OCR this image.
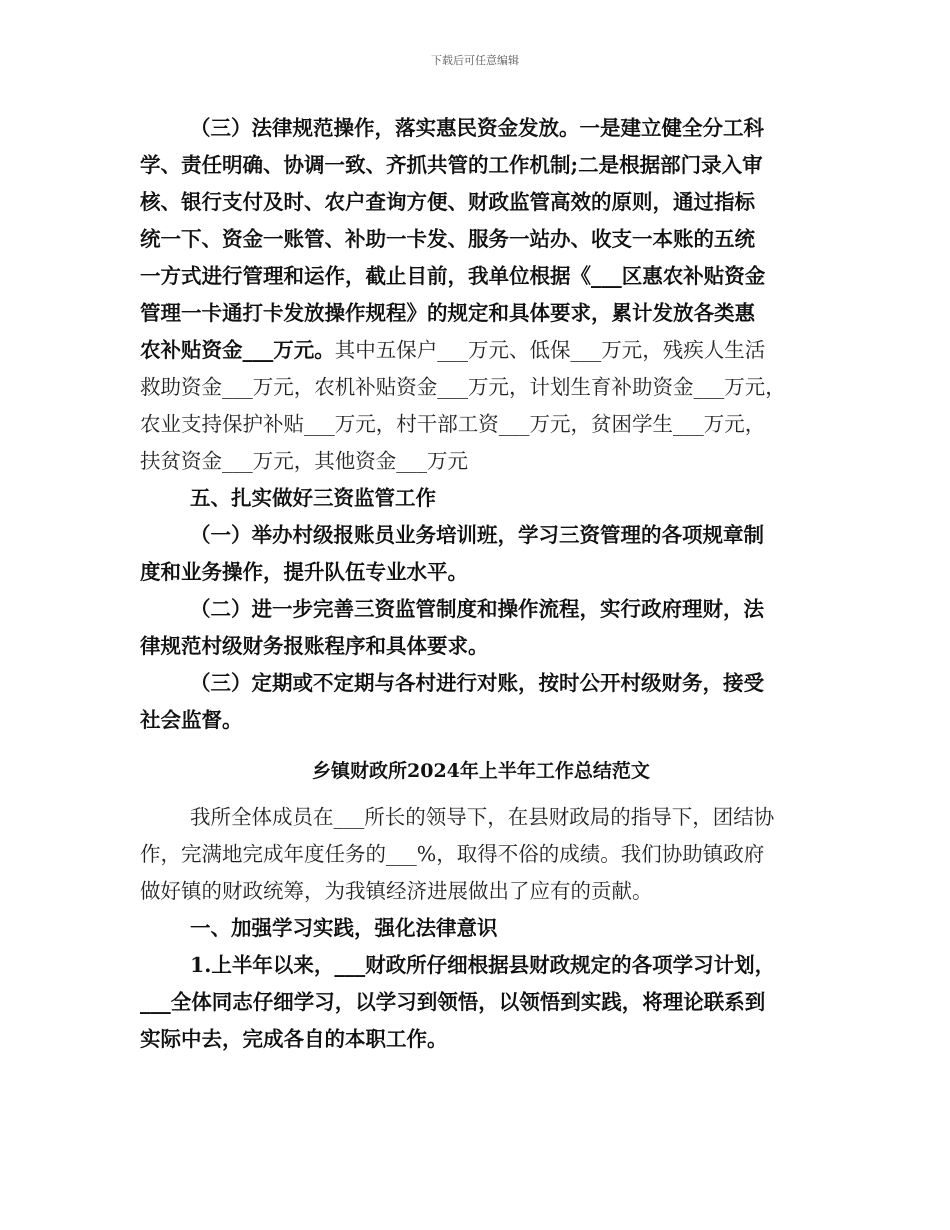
下载后可任意编辑
（三）法律规范操作，落实惠民资金发放。一是建立健全分工科
学、责任明确、协调一致、齐抓共管的工作机制;二是根据部门录入审
核、银行支付及时、农户查询方便、财政监管高效的原则，通过指标
统一下、资金一账管、补助一卡发、服务一站办、收支一本账的五统
一方式进行管理和运作，截止目前，我单位根据《___区惠农补贴资金
管理一卡通打卡发放操作规程》的规定和具体要求，累计发放各类惠
农补贴资金___万元。其中五保户___万元、低保___万元，残疾人生活
救助资金___万元，农机补贴资金___万元，计划生育补助资金___万元，
农业支持保护补贴___万元，村干部工资___万元，贫困学生___万元，
扶贫资金___万元，其他资金___万元
五、扎实做好三资监管工作
（一）举办村级报账员业务培训班，学习三资管理的各项规章制
度和业务操作，提升队伍专业水平。
（二）进一步完善三资监管制度和操作流程，实行政府理财，法
律规范村级财务报账程序和具体要求。
（三）定期或不定期与各村进行对账，按时公开村级财务，接受
社会监督。
乡镇财政所2024年上半年工作总结范文
我所全体成员在___所长的领导下，在县财政局的指导下，团结协
作，完满地完成年度任务的___%，取得不俗的成绩。我们协助镇政府
做好镇的财政统筹，为我镇经济进展做出了应有的贡献。
一、加强学习实践，强化法律意识
1.上半年以来，___财政所仔细根据县财政规定的各项学习计划，
___全体同志仔细学习，以学习到领悟，以领悟到实践，将理论联系到
实际中去，完成各自的本职工作。
